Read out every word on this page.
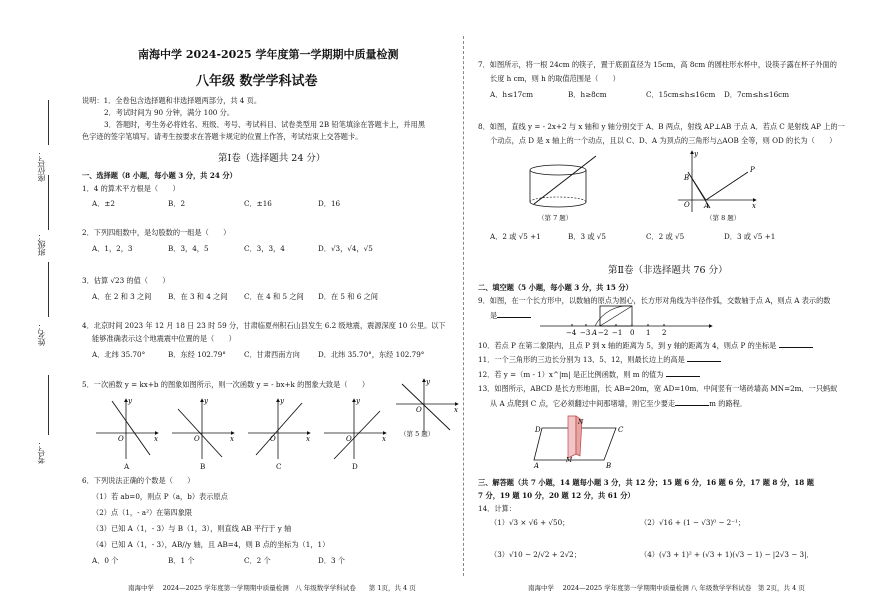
考号：
姓名：
班级：
座位号：
南海中学 2024-2025 学年度第一学期期中质量检测
八年级 数学学科试卷
说明：1．全卷包含选择题和非选择题两部分，共 4 页。
2．考试时间为 90 分钟，满分 100 分。
3．答题时，考生务必将姓名、班级、考号、考试科目、试卷类型用 2B 铅笔填涂在答题卡上，并用黑
色字迹的签字笔填写。请考生按要求在答题卡规定的位置上作答，考试结束上交答题卡。
第Ⅰ卷（选择题共 24 分）
一、选择题（8 小题，每小题 3 分，共 24 分）
1．4 的算术平方根是（　　）
A．±2	B．2	C．±16	D．16
2．下列四组数中，是勾股数的一组是（　　）
A．1，2，3	B．3，4，5	C．3，3，4	D．√3，√4，√5
3．估算 √23 的值（　　）
A．在 2 和 3 之间 B．在 3 和 4 之间 C．在 4 和 5 之间 D．在 5 和 6 之间
4．北京时间 2023 年 12 月 18 日 23 时 59 分，甘肃临夏州积石山县发生 6.2 级地震，震源深度 10 公里。以下
能够准确表示这个地震震中位置的是（　　）
A．北纬 35.70°	B．东经 102.79°	C．甘肃西南方向	D．北纬 35.70°，东经 102.79°
5．一次函数 y = kx+b 的图象如图所示，则一次函数 y = - bx+k 的图象大致是（　　）
O
y
x	O
y
x	O
y
x	O
y
x
A	B	C	D
O
y
x
（第 5 题）
6．下列说法正确的个数是（　　）
（1）若 ab=0，则点 P（a，b）表示原点
（2）点（1，- a²）在第四象限
（3）已知 A（1，- 3）与 B（1，3），则直线 AB 平行于 y 轴
（4）已知 A（1，- 3），AB//y 轴，且 AB=4，则 B 点的坐标为（1，1）
A．0 个	B．1 个	C．2 个	D．3 个
南海中学　 2024—2025 学年度第一学期期中质量检测　八 年级数学学科试卷　　第 1页，共 4 页
7．如图所示，将一根 24cm 的筷子，置于底面直径为 15cm，高 8cm 的圆柱形水杯中，设筷子露在杯子外面的
长度 h cm，则 h 的取值范围是（　　）
A．h≤17cm	B．h≥8cm	C．15cm≤h≤16cm D．7cm≤h≤16cm
8．如图，直线 y = - 2x+2 与 x 轴和 y 轴分别交于 A、B 两点，射线 AP⊥AB 于点 A．若点 C 是射线 AP 上的一
个动点，点 D 是 x 轴上的一个动点，且以 C、D、A 为顶点的三角形与△AOB 全等，则 OD 的长为（　　）
（第 7 题）
B
O A
P
y
x
（第 8 题）
A．2 或 √5 +1	B．3 或 √5	C．2 或 √5	D．3 或 √5 +1
第Ⅱ卷（非选择题共 76 分）
二、填空题（5 小题，每小题 3 分，共 15 分）
9．如图，在一个长方形中，以数轴的原点为圆心，长方形对角线为半径作弧，交数轴于点 A，则点 A 表示的数
是
−4 −3 A −2 −1 0 1 2
10．若点 P 在第二象限内，且点 P 到 x 轴的距离为 5，到 y 轴的距离为 4，则点 P 的坐标是
11．一个三角形的三边长分别为 13、5、12，则最长边上的高是
12．若 y =（m - 1）x^|m| 是正比例函数，则 m 的值为
13．如图所示，ABCD 是长方形地面，长 AB=20m，宽 AD=10m．中间竖有一堵砖墙高 MN=2m．一只蚂蚁
从 A 点爬到 C 点，它必须翻过中间那堵墙，则它至少要走	m 的路程．
D	C
A	B
N
M
三、解答题（共 7 小题，14 题每小题 3 分，共 12 分；15 题 6 分，16 题 6 分，17 题 8 分，18 题
7 分，19 题 10 分，20 题 12 分，共 61 分）
14．计算：
（1）√3 × √6 + √50；	（2）√16 + (1 − √3)⁰ − 2⁻¹；
（3）√10 − 2/√2 + 2√2；	（4）(√3 + 1)² + (√3 + 1)(√3 − 1) − |2√3 − 3|．
南海中学　 2024—2025 学年度第一学期期中质量检测 八 年级数学学科试卷　第 2页，共 4 页
